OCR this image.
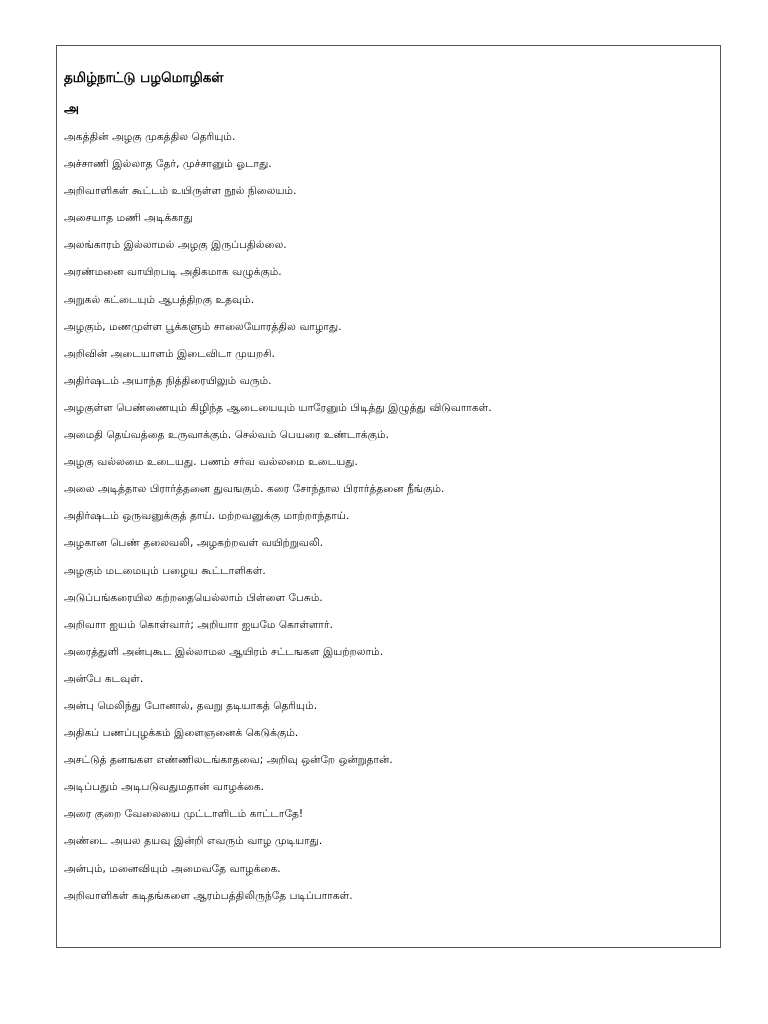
தமிழ்நாட்டு பழமொழிகள்
அ
அகத்தின் அழகு முகத்தில தெரியும்.
அச்சாணி இல்லாத தேர், முச்சானும் ஓடாது.
அறிவாளிகள் கூட்டம் உயிருள்ள நூல் நிலையம்.
அசையாத மணி அடிக்காது
அலங்காரம் இல்லாமல் அழகு இருப்பதில்லை.
அரண்மனை வாயிறபடி அதிகமாக வழுக்கும்.
அறுகல் கட்டையும் ஆபத்திறகு உதவும்.
அழகும், மணமுள்ள பூக்களும் சாலையோரத்தில வாழாது.
அறிவின் அடையாளம் இடைவிடா முயறசி.
அதிர்ஷடம் அயாந்த நித்திரையிலும் வரும்.
அழகுள்ள பெண்ணையும் கிழிந்த ஆடையையும் யாரேனும் பிடித்து இழுத்து விடுவாாகள்.
அமைதி தெய்வத்தை உருவாக்கும். செல்வம் பெயரை உண்டாக்கும்.
அழகு வல்லமை உடையது. பணம் சர்வ வல்லமை உடையது.
அலை அடித்தால பிரார்த்தனை துவஙகும். கரை சோந்தால பிரார்த்தனை நீங்கும்.
அதிர்ஷடம் ஒருவனுக்குத் தாய். மற்றவனுக்கு மாற்றாந்தாய்.
அழகான பெண் தலைவலி, அழகற்றவள் வயிற்றுவலி.
அழகும் மடமையும் பழைய கூட்டாளிகள்.
அடுப்பங்கரையில கற்றதையெல்லாம் பிள்ளை பேசும்.
அறிவாா ஐயம் கொள்வார்; அறியாா ஐயமே கொள்ளார்.
அரைத்துளி அன்புகூட இல்லாமல ஆயிரம் சட்டஙகள இயற்றலாம்.
அன்பே கடவுள்.
அன்பு மெலிந்து போனால், தவறு தடியாகத் தெரியும்.
அதிகப் பணப்புழக்கம் இளைஞனைக் கெடுக்கும்.
அசட்டுத் தனஙகள எண்ணிலடங்காதவை; அறிவு ஒன்றே ஒன்றுதான்.
அடிப்பதும் அடிபடுவதுமதான் வாழக்கை.
அரை குறை வேலையை முட்டாளிடம் காட்டாதே!
அண்டை அயல தயவு இன்றி எவரும் வாழ முடியாது.
அன்பும், மனைவியும் அமைவதே வாழக்கை.
அறிவாளிகள் கடிதங்களை ஆரம்பத்திலிருந்தே படிப்பாாகள்.
